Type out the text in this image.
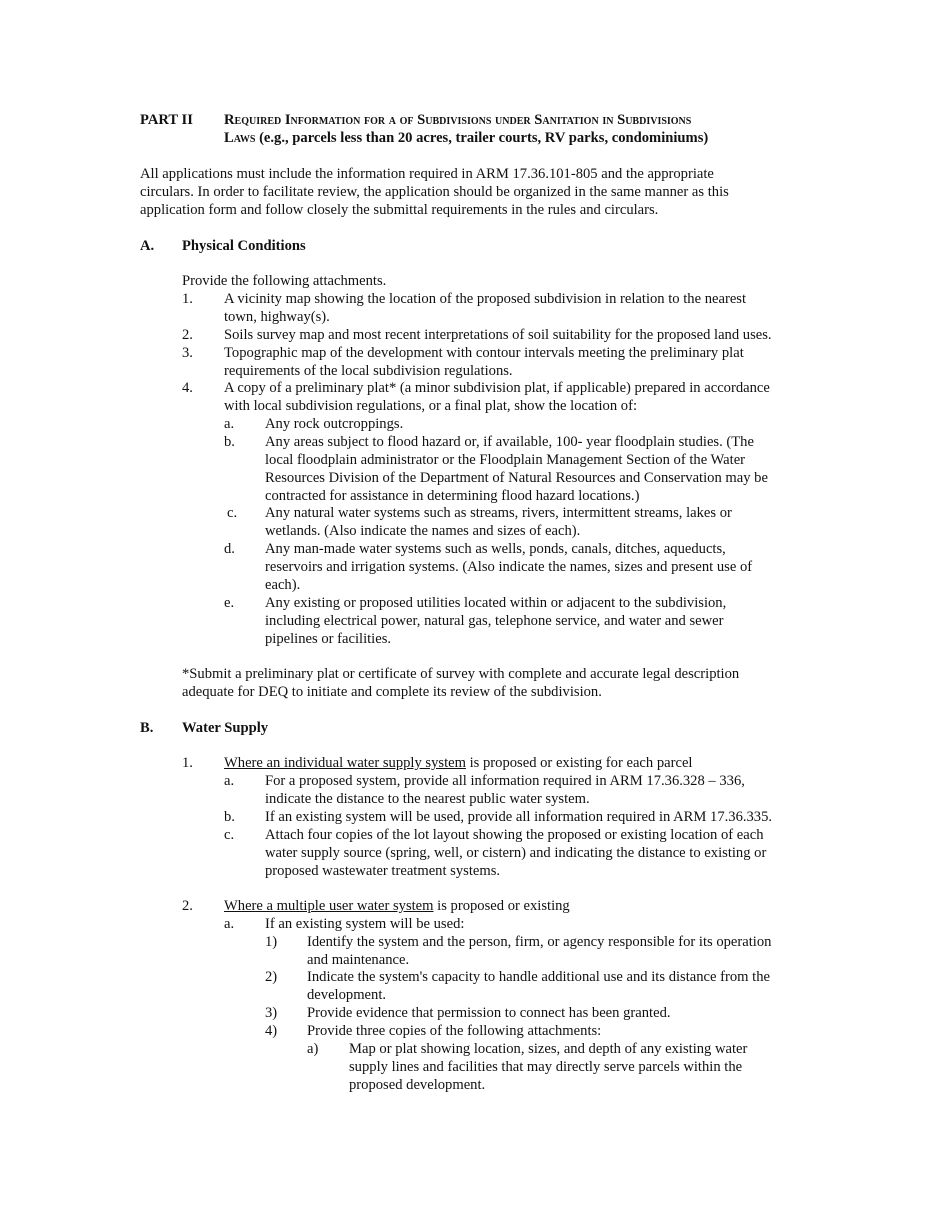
PART II Required Information for a of Subdivisions under Sanitation in Subdivisions
Laws (e.g., parcels less than 20 acres, trailer courts, RV parks, condominiums)
All applications must include the information required in ARM 17.36.101-805 and the appropriate
circulars. In order to facilitate review, the application should be organized in the same manner as this
application form and follow closely the submittal requirements in the rules and circulars.
A. Physical Conditions
Provide the following attachments.
1. A vicinity map showing the location of the proposed subdivision in relation to the nearest
town, highway(s).
2. Soils survey map and most recent interpretations of soil suitability for the proposed land uses.
3. Topographic map of the development with contour intervals meeting the preliminary plat
requirements of the local subdivision regulations.
4. A copy of a preliminary plat* (a minor subdivision plat, if applicable) prepared in accordance
with local subdivision regulations, or a final plat, show the location of:
a. Any rock outcroppings.
b. Any areas subject to flood hazard or, if available, 100- year floodplain studies. (The
local floodplain administrator or the Floodplain Management Section of the Water
Resources Division of the Department of Natural Resources and Conservation may be
contracted for assistance in determining flood hazard locations.)
c. Any natural water systems such as streams, rivers, intermittent streams, lakes or
wetlands. (Also indicate the names and sizes of each).
d. Any man-made water systems such as wells, ponds, canals, ditches, aqueducts,
reservoirs and irrigation systems. (Also indicate the names, sizes and present use of
each).
e. Any existing or proposed utilities located within or adjacent to the subdivision,
including electrical power, natural gas, telephone service, and water and sewer
pipelines or facilities.
*Submit a preliminary plat or certificate of survey with complete and accurate legal description
adequate for DEQ to initiate and complete its review of the subdivision.
B. Water Supply
1. Where an individual water supply system is proposed or existing for each parcel
a. For a proposed system, provide all information required in ARM 17.36.328 – 336,
indicate the distance to the nearest public water system.
b. If an existing system will be used, provide all information required in ARM 17.36.335.
c. Attach four copies of the lot layout showing the proposed or existing location of each
water supply source (spring, well, or cistern) and indicating the distance to existing or
proposed wastewater treatment systems.
2. Where a multiple user water system is proposed or existing
a. If an existing system will be used:
1) Identify the system and the person, firm, or agency responsible for its operation
and maintenance.
2) Indicate the system's capacity to handle additional use and its distance from the
development.
3) Provide evidence that permission to connect has been granted.
4) Provide three copies of the following attachments:
a) Map or plat showing location, sizes, and depth of any existing water
supply lines and facilities that may directly serve parcels within the
proposed development.
